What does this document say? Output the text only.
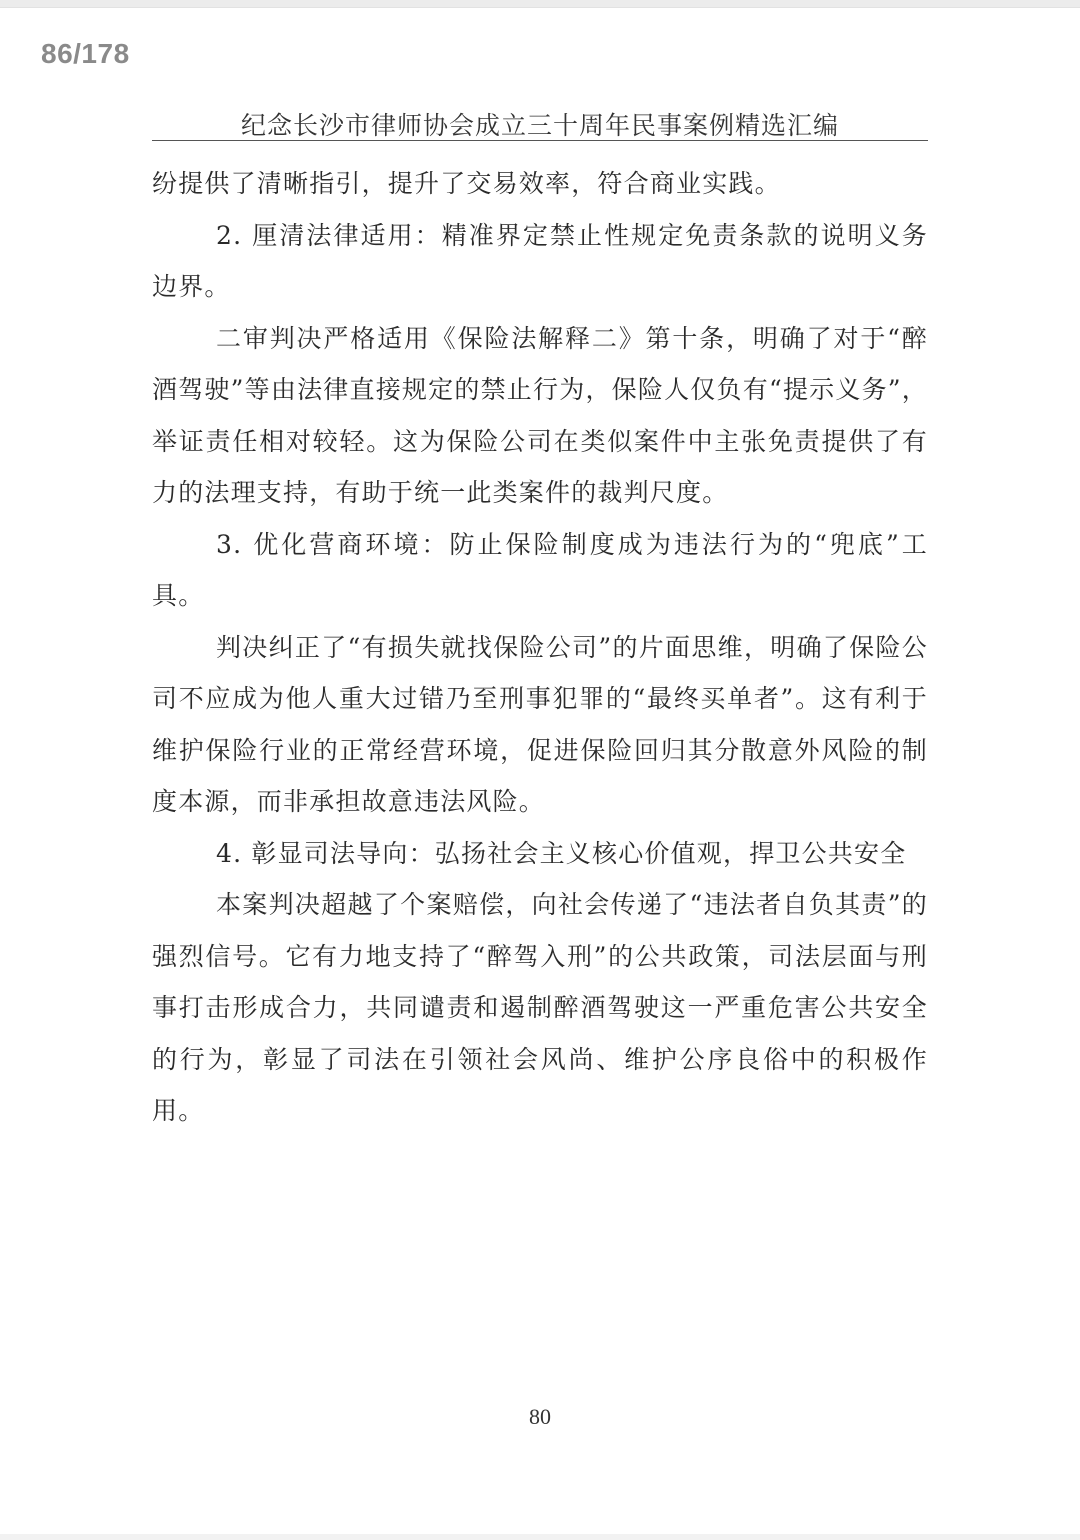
86/178
纪念长沙市律师协会成立三十周年民事案例精选汇编

纷提供了清晰指引，提升了交易效率，符合商业实践。

2. 厘清法律适用：精准界定禁止性规定免责条款的说明义务边界。

二审判决严格适用《保险法解释二》第十条，明确了对于“醉酒驾驶”等由法律直接规定的禁止行为，保险人仅负有“提示义务”，举证责任相对较轻。这为保险公司在类似案件中主张免责提供了有力的法理支持，有助于统一此类案件的裁判尺度。

3. 优化营商环境：防止保险制度成为违法行为的“兜底”工具。

判决纠正了“有损失就找保险公司”的片面思维，明确了保险公司不应成为他人重大过错乃至刑事犯罪的“最终买单者”。这有利于维护保险行业的正常经营环境，促进保险回归其分散意外风险的制度本源，而非承担故意违法风险。

4. 彰显司法导向：弘扬社会主义核心价值观，捍卫公共安全

本案判决超越了个案赔偿，向社会传递了“违法者自负其责”的强烈信号。它有力地支持了“醉驾入刑”的公共政策，司法层面与刑事打击形成合力，共同谴责和遏制醉酒驾驶这一严重危害公共安全的行为，彰显了司法在引领社会风尚、维护公序良俗中的积极作用。

80
